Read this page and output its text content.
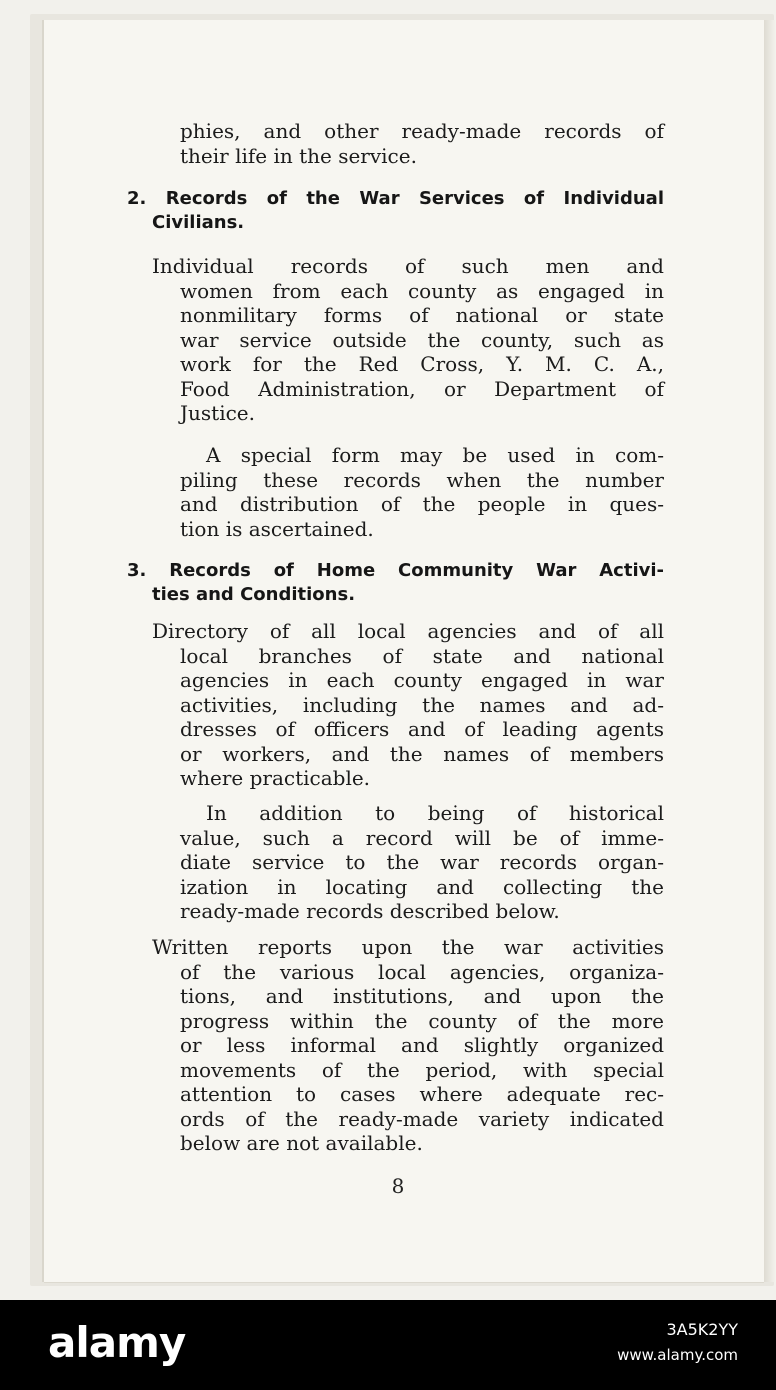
phies, and other ready-made records of
their life in the service.
2. Records of the War Services of Individual
Civilians.
Individual records of such men and
women from each county as engaged in
nonmilitary forms of national or state
war service outside the county, such as
work for the Red Cross, Y. M. C. A.,
Food Administration, or Department of
Justice.
A special form may be used in com-
piling these records when the number
and distribution of the people in ques-
tion is ascertained.
3. Records of Home Community War Activi-
ties and Conditions.
Directory of all local agencies and of all
local branches of state and national
agencies in each county engaged in war
activities, including the names and ad-
dresses of officers and of leading agents
or workers, and the names of members
where practicable.
In addition to being of historical
value, such a record will be of imme-
diate service to the war records organ-
ization in locating and collecting the
ready-made records described below.
Written reports upon the war activities
of the various local agencies, organiza-
tions, and institutions, and upon the
progress within the county of the more
or less informal and slightly organized
movements of the period, with special
attention to cases where adequate rec-
ords of the ready-made variety indicated
below are not available.
8
alamy	3A5K2YY
www.alamy.com
